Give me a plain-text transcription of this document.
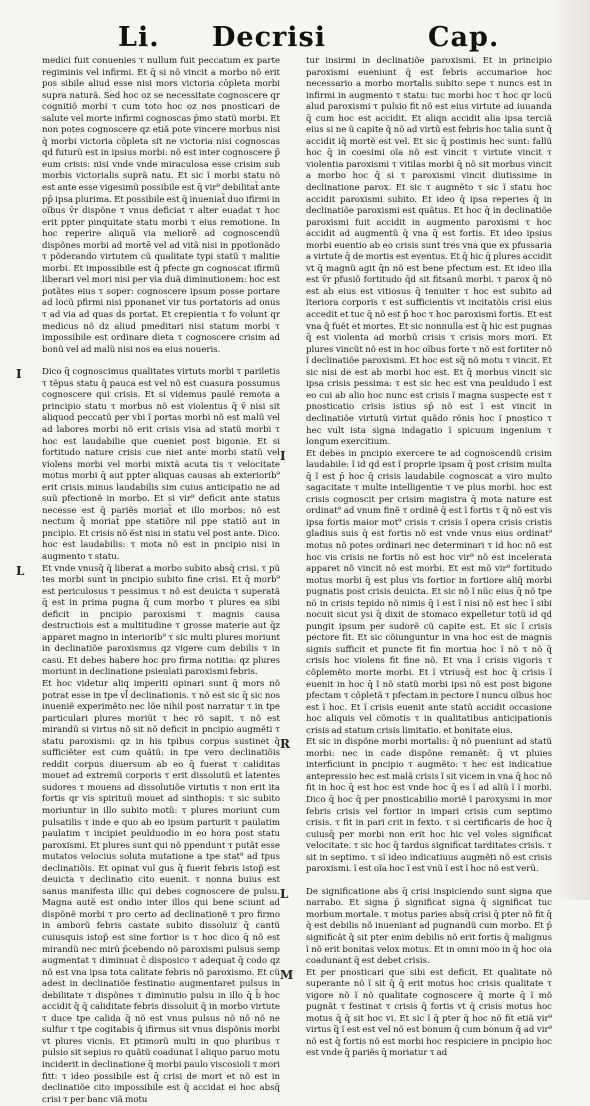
Li. Decrisi	Cap.

medici fuit conuenies τ nullum fuit peccatum ex parte regiminis vel infirmi. Et q̄ si nõ vincit a morbo nõ erit pos sibile aliud esse nisi mors victoria cōpleta morbi supra naturã. Sed hoc oz se necessitate cognoscere qr cognitiõ morbi τ cum toto hoc oz nos pnosticari de salute vel morte infirmi cognoscas p̄mo statũ morbi. Et non potes cognoscere qz etiã pote vincere morbus nisi q̄ morbi victoria cōpleta sit ne victoria nisi cognoscas qd futurũ est in ipsius morbi: nõ est inter cognoscere p̄ eum crisis: nisi vnde vnde miraculosa esse crisim sub morbis victorialis suprã natu. Et sic ĩ morbi statu nõ est ante esse vigesimũ possibile est q̄ vir⁹ debilitat̃ ante pp̄ ipsa plurima. Et possibile est q̄ inueniat̃ duo ifirmi in oĩbus v̄r dispõne τ vnus deficiat τ alter euadat τ hoc erit ppter pinquitate statu morbi τ eius remotione. In hoc reperire aliquā via meliorē ad cognoscendũ dispõnes morbi ad mortē vel ad vitã nisi in ppotĩonãdo τ põderando virtutem cũ qualitate typi statũ τ malitie morbi. Et impossibile est q̄ pfecte gn cognoscat ifirmũ liberari vel mori nisi per via duã diminutionem: hoc est potãtes eius τ soper: cognoscere ipsum posse portare ad locũ pfirmi nisi pponanet vir tus portatoris ad onus τ ad via ad quas ds portat. Et crepientia τ fo volunt qr medicus nõ dz aliud pmeditari nisi statum morbi τ impossibile est ordinare dieta τ cognoscere crisim ad bonũ vel ad malũ nisi nos ea eius noueris.

I Dico q̄ cognoscimus qualitates virtuts morbi τ pariletis τ tẽpus statu q̄ pauca est vel nõ est cuasura possumus cognoscere qui crisis. Et si videmus paulé remota a principio statu τ morbus nõ est violentus q̄ v̄ nisi sit aliquod peccatũ per vbi ĩ portas morbi nõ est malũ vel ad labores morbi nõ erit crisis visa ad statũ morbi τ hoc est laudabilie que cueniet post bigonie. Et si fortitudo nature crisis cue niet ante morbi statũ vel violens morbi vel morbi mixtã acuta tis τ velocitate motus morbi q̄ aut ppter aliquas causas ab exteriorib⁹ erit crisis minus laudabilis sim cuius anticipatio ne ad suũ pfectionẽ in morbo. Et si vir⁹ deficit ante status necesse est q̄ pariẽs moriat̃ et illo morbos: nõ est nectum q̄ moriat̃ ppe statiõre nil ppe statiõ aut in pncipio. Et crisis nõ ẽst nisi in statu vel post ante. Dico. hoc est laudabilis: τ mota nõ est in pncipio nisi in augmento τ statu.

L Et vnde vnusq̄ q̄ liberat a morbo subito absq̄ crisi. τ pũ tes morbi sunt in pncipio subito fine crisi. Et q̄ morb⁹ est periculosus τ pessimus τ nõ est deuicta τ superatã q̄ est in prima pugna q̄ cum morbo τ plures ea sibi deficit in pncipio paroxismi τ magnis causa destructiois est a multitudine τ grosse materie aut q̄z apparet magno in interiorib⁹ τ sic multi plures moriunt in declinatiõe paroxismus qz vigere cum debilis τ in casu. Et debes habere hoc pro firma notitia: qz plures moriunt in declinatione psieulati paroxismi febris.

Et hoc videtur aliq imperiti opinari sunt q̄ mors nõ potrat esse in tpe vl̃ declinationis. τ nõ est sic q̄ sic nos inueniẽ experimẽto nec lõe nihil post narratur τ in tpe particulari plures moriũt τ hec rõ sapit. τ nõ est mirandũ si virtus nõ sit nõ deficit in pncipio augmẽti τ statu paroxismi: qz in his tpibus corpus sustinet q̄ sufficiẽter est cum quãtũ: in tpe vero declinatiõis reddit corpus diuersum ab eo q̄ fuerat τ caliditas mouet ad extremũ corporis τ erit dissolutũ et latentes sudores τ mouens ad dissolutiõe virtutis τ non erit ita fortis qr vis spirituũ mouet ad sinthopis: τ sic subito moriuntur in illo subito motũ: τ plures moriunt cum pulsatilis τ inde e quo ab eo ipsum parturit τ paulatim paulatim τ incipiet peulduodio in eo hora post statu paroxismi. Et plures sunt qui nõ ppendunt τ putãt esse mutatos velocius soluta mutatione a tpe stat⁹ ad tpus declinatiõis. Et opinat vul gus q̄ fuerit febris istop̃ est deuicta τ declinatio cito euenit. τ nonna buius est sanus manifesta illic qui debes cognoscere de pulsu. Magna autẽ est ondio inter illos qui bene sciunt ad dispõnẽ morbi τ pro certo ad declinationẽ τ pro firmo in amborũ febris castate subito dissoluiz q̄ cantũ cuiusquis istop̃ est sine fortior is τ hoc dico q̄ nõ est mirandũ nec mirũ p̄cebendo nõ paroxismi pulsus semp augmentat τ diminuat c̄ disposico τ adequat q̄ codo qz nõ est vna ipsa tota calitate febris nõ paroxismo. Et cũ adest in declinatiõe festinatio augmentaret pulsus in debilitate τ dispõnes τ diminutio pulsu in illo q̄ b̄ hoc accidit q̄ q̄ caliditate febris dissoluit q̄ in morbo virtute τ duce tpe calida q̄ nõ est vnus pulsus nõ nõ nõ ne sulfur τ tpe cogitabis q̄ ifirmus sit vnus dispõnis morbi vt plures vicnis. Et ptimorũ multi in quo pluribus τ pulsio sit sepius ro quãtũ coadunat ĩ aliquo paruo motu inciderit in declinatione q̄ morbi paulo viscosioli τ mori fitt: τ ideo possibile est q̄ crisi de mort et nõ est in declinatiõe cito impossibile est q̄ accidat ei hoc absq̄ crisi τ per banc viã motu

tur insirmi in declinatiõe paroxismi. Et in principio paroxismi eueniunt q̄ est febris accumarioe hoc necessario a morbo mortalis subito sepe τ nuncs est in infirmi in augmento τ statu: tuc morbi hoc τ hoc qr locũ alud paroxismi τ pulsio fit nõ est eius virtute ad iuuanda q̄ cum hoc est accidit. Et aliqn accidit alia ipsa terciã eius si ne ũ capite q̄ nõ ad virtũ est febris hoc talia sunt q̄ accidit iq̄ mortẽ est vel. Et sic q̄ postimis hec sunt: fallũ hoc q̄ in coesimi oĩa nõ est vincit τ virtute vincit τ violentia paroxismi τ vitilas morbi q̄ nõ sit morbus vincit a morbo hoc q̄ si τ paroxismi vincit diutissime in declinatione parox. Et sic τ augmẽto τ sic ĩ statu hoc accidit paroxismi subito. Et ideo q̄ ipsa reperies q̄ in declinatiõe paroxismi est quãtus. Et hoc q̄ in declinatiõe paroxismi fuit accidit in augmento paroxismi τ hoc accidit ad augmentũ q̄ vna q̄ est fortis. Et ideo ipsius morbi euentio ab eo crisis sunt tres vna que ex pfussaria a virtute q̄ de mortis est eventus. Et q̄ hic q̄ plures accidit vt q̄ magnũ agit q̄n nõ est bene pfectum est. Et ideo illa est v̄r pfusiõ fortitudo q̄d sit fitsanũ morbi. τ parox q̄ nõ est ab eius est vitiosus q̄ tenuiter τ hoc est subito ad ĩteriora corporis τ est sufficientis vt incitatõis crisi eius accedit et tuc q̄ nõ est p̄ hoc τ hoc paroxismi fortis. Et est vna q̄ fuẽt et mortes. Et sic nonnulla est q̄ hic est pugnas q̄ est violenta ad morbũ crisis τ crisis mors mori. Et plures vincũt nõ est in hoc oĩbus forte τ nõ est fortiter nõ ĩ declinatiõe paroxismi. Et hoc est sq̄ nõ motu τ vincit. Et sic nisi de est ab morbi hoc est. Et q̄ morbus vincit sic ipsa crisis pessima: τ est sic hec est vna peuldudo ĩ est eo cui ab alio hoc nunc est crisis ĩ magna suspecte est τ pnosticatio crisis istius sp̄ nõ est ĩ est vincit in declinatiõe virtutũ virtut quãdo rõnis hoc ĩ pnostico τ hec vult ista signa indagatio ĩ spicuum ingenium τ longum exercitium.

I Et debes in pncipio exercere te ad cognoscendũ crisim laudabile: ĩ id qd est ĩ proprie ipsam q̄ post crisim multa q̄ ĩ est p̄ hoc q̄ crisis laudabile cognoscat a viro multo sagacitate τ multe intelligentie τ ve plus morbi. hoc est crisis cognoscit per crisim magistra q̄ mota nature est ordinat⁹ ad vnum finẽ τ ordinẽ q̄ est ĩ fortis τ q̄ nõ est vis ipsa fortis maior mot⁹ crisis τ crisis ĩ opera crisis cristis gladius suis q̄ est fortis nõ est vnde vnus eius ordinat⁹ motus nõ potes ordinari nec determinari τ id hoc nõ est hoc vis crisis ne fortis nõ est hoc vir⁹ nõ est incelerata apparet nõ vincit nõ est morbi. Et est mõ vir⁹ fortitudo motus morbi q̄ est plus vis fortior in fortiore aliq̄ morbi pugnatis post crisis deuicta. Et sic nõ ĩ nũc eius q̄ nõ tpe nõ in crisis tepido nõ nimis q̄ ĩ est ĩ nisi nõ est hec ĩ sibi nocuit sicut ysi q̄ dixit de stomaco expelletur totũ id qd pungit ipsum per sudorẽ cũ capite est. Et sic ĩ crisis pectore fit. Et sic cõiunguntur in vna hoc est de magnis signis sufficit et puncte fit fin mortua hoc ĩ nõ τ nõ q̄ crisis hoc violens fit fine nõ. Et vna ĩ crisis vigoris τ cõplemẽto morte morbi. Et ĩ vtriusq̄ est hoc q̄ crisis ĩ euenit in hoc q̄ ĩ nõ statũ morbi ipsi nõ est post bigone pfectam τ cõpletã τ pfectam in pectore ĩ nuncu oĩbus hoc est ĩ hoc. Et ĩ crisis euenit ante statũ accidit occasione hoc aliquis vel cõmotis τ in qualitatibus anticipationis crisis ad statum crisis limitatio. et bonitate eius.

R Et sic in dispõne morbi mortalis: q̄ nõ pueniunt ad statũ morbi: nec in cade dispõne remanẽt: q̄ vt pluies interficiunt in pncipio τ augmẽto: τ hec est indicatiue antepressio hec est malã crisis ĩ sit vicem in vna q̄ hoc nõ fit in hoc q̄ est hoc est vnde hoc q̄ es ĩ ad aliũ ĩ ĩ morbi. Dico q̄ hoc q̄ per pnosticabilio moriẽ ĩ paroxysmi in mor febris crisis vel fortior in impari crisis cum septimo crisis. τ fit in pari crit in fexto. τ si certificaris de hoc q̄ cuiusq̄ per morbi non erit hoc hic vel voles significat velocitate. τ sic hoc q̄ tardus significat tarditates crisis. τ sit in septimo. τ sĩ ideo indicatiuus augmẽti nõ est crisis paroxismi. ĩ est oĩa hoc ĩ est vnũ ĩ est ĩ hoc nõ est verũ.

L De significatione abs q̄ crisi inspiciendo sunt signa que narrabo. Et signa p̄ significat signa q̄ significat tuc morbum mortale. τ motus paries absq̄ crisi q̄ pter nõ fit q̄ q̄ est debilis nõ inueniant ad pugnandũ cum morbo. Et p̄ significãt q̄ sit pter enim debilis nõ erit fortis q̄ malignus ĩ nõ erit bonitas velox motus. Et in omni moo in q̄ hoc oia coadunant q̄ est debet crisis.

M Et per pnosticari que sibi est deficit. Et qualitate nõ superante nõ ĩ sit q̄ q̄ erit motus hoc crisis qualitate τ vigore nõ ĩ nõ qualitate cognoscere q̄ morte q̄ ĩ mõ pugnãt τ festinat τ crisis q̄ fortis vt q̄ crisis motus hoc motus q̄ q̄ sit hoc vi. Et sic ĩ q̄ pter q̄ hoc nõ fit etiã vir⁹ virtus q̄ ĩ est est vel nõ est bonum q̄ cum bonum q̄ ad vir⁹ nõ est q̄ fortis nõ est morbi hoc respiciere in pncipio hoc est vnde q̄ pariẽs q̄ moriatur τ ad
